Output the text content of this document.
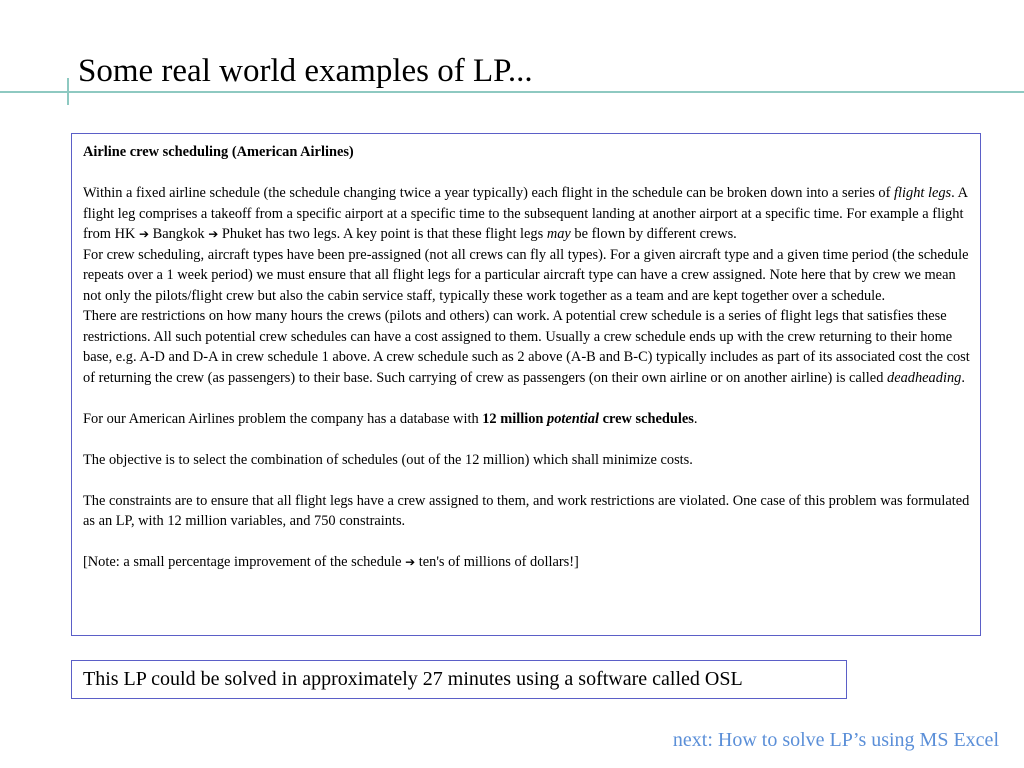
Some real world examples of LP...

Airline crew scheduling (American Airlines)

Within a fixed airline schedule (the schedule changing twice a year typically) each flight in the schedule can be broken down into a series of flight legs. A flight leg comprises a takeoff from a specific airport at a specific time to the subsequent landing at another airport at a specific time. For example a flight from HK ➔ Bangkok ➔ Phuket has two legs. A key point is that these flight legs may be flown by different crews.

For crew scheduling, aircraft types have been pre-assigned (not all crews can fly all types). For a given aircraft type and a given time period (the schedule repeats over a 1 week period) we must ensure that all flight legs for a particular aircraft type can have a crew assigned. Note here that by crew we mean not only the pilots/flight crew but also the cabin service staff, typically these work together as a team and are kept together over a schedule.

There are restrictions on how many hours the crews (pilots and others) can work. A potential crew schedule is a series of flight legs that satisfies these restrictions. All such potential crew schedules can have a cost assigned to them. Usually a crew schedule ends up with the crew returning to their home base, e.g. A-D and D-A in crew schedule 1 above. A crew schedule such as 2 above (A-B and B-C) typically includes as part of its associated cost the cost of returning the crew (as passengers) to their base. Such carrying of crew as passengers (on their own airline or on another airline) is called deadheading.

For our American Airlines problem the company has a database with 12 million potential crew schedules.

The objective is to select the combination of schedules (out of the 12 million) which shall minimize costs.

The constraints are to ensure that all flight legs have a crew assigned to them, and work restrictions are violated. One case of this problem was formulated as an LP, with 12 million variables, and 750 constraints.

[Note: a small percentage improvement of the schedule ➔ ten's of millions of dollars!]

This LP could be solved in approximately 27 minutes using a software called OSL
next: How to solve LP’s using MS Excel
